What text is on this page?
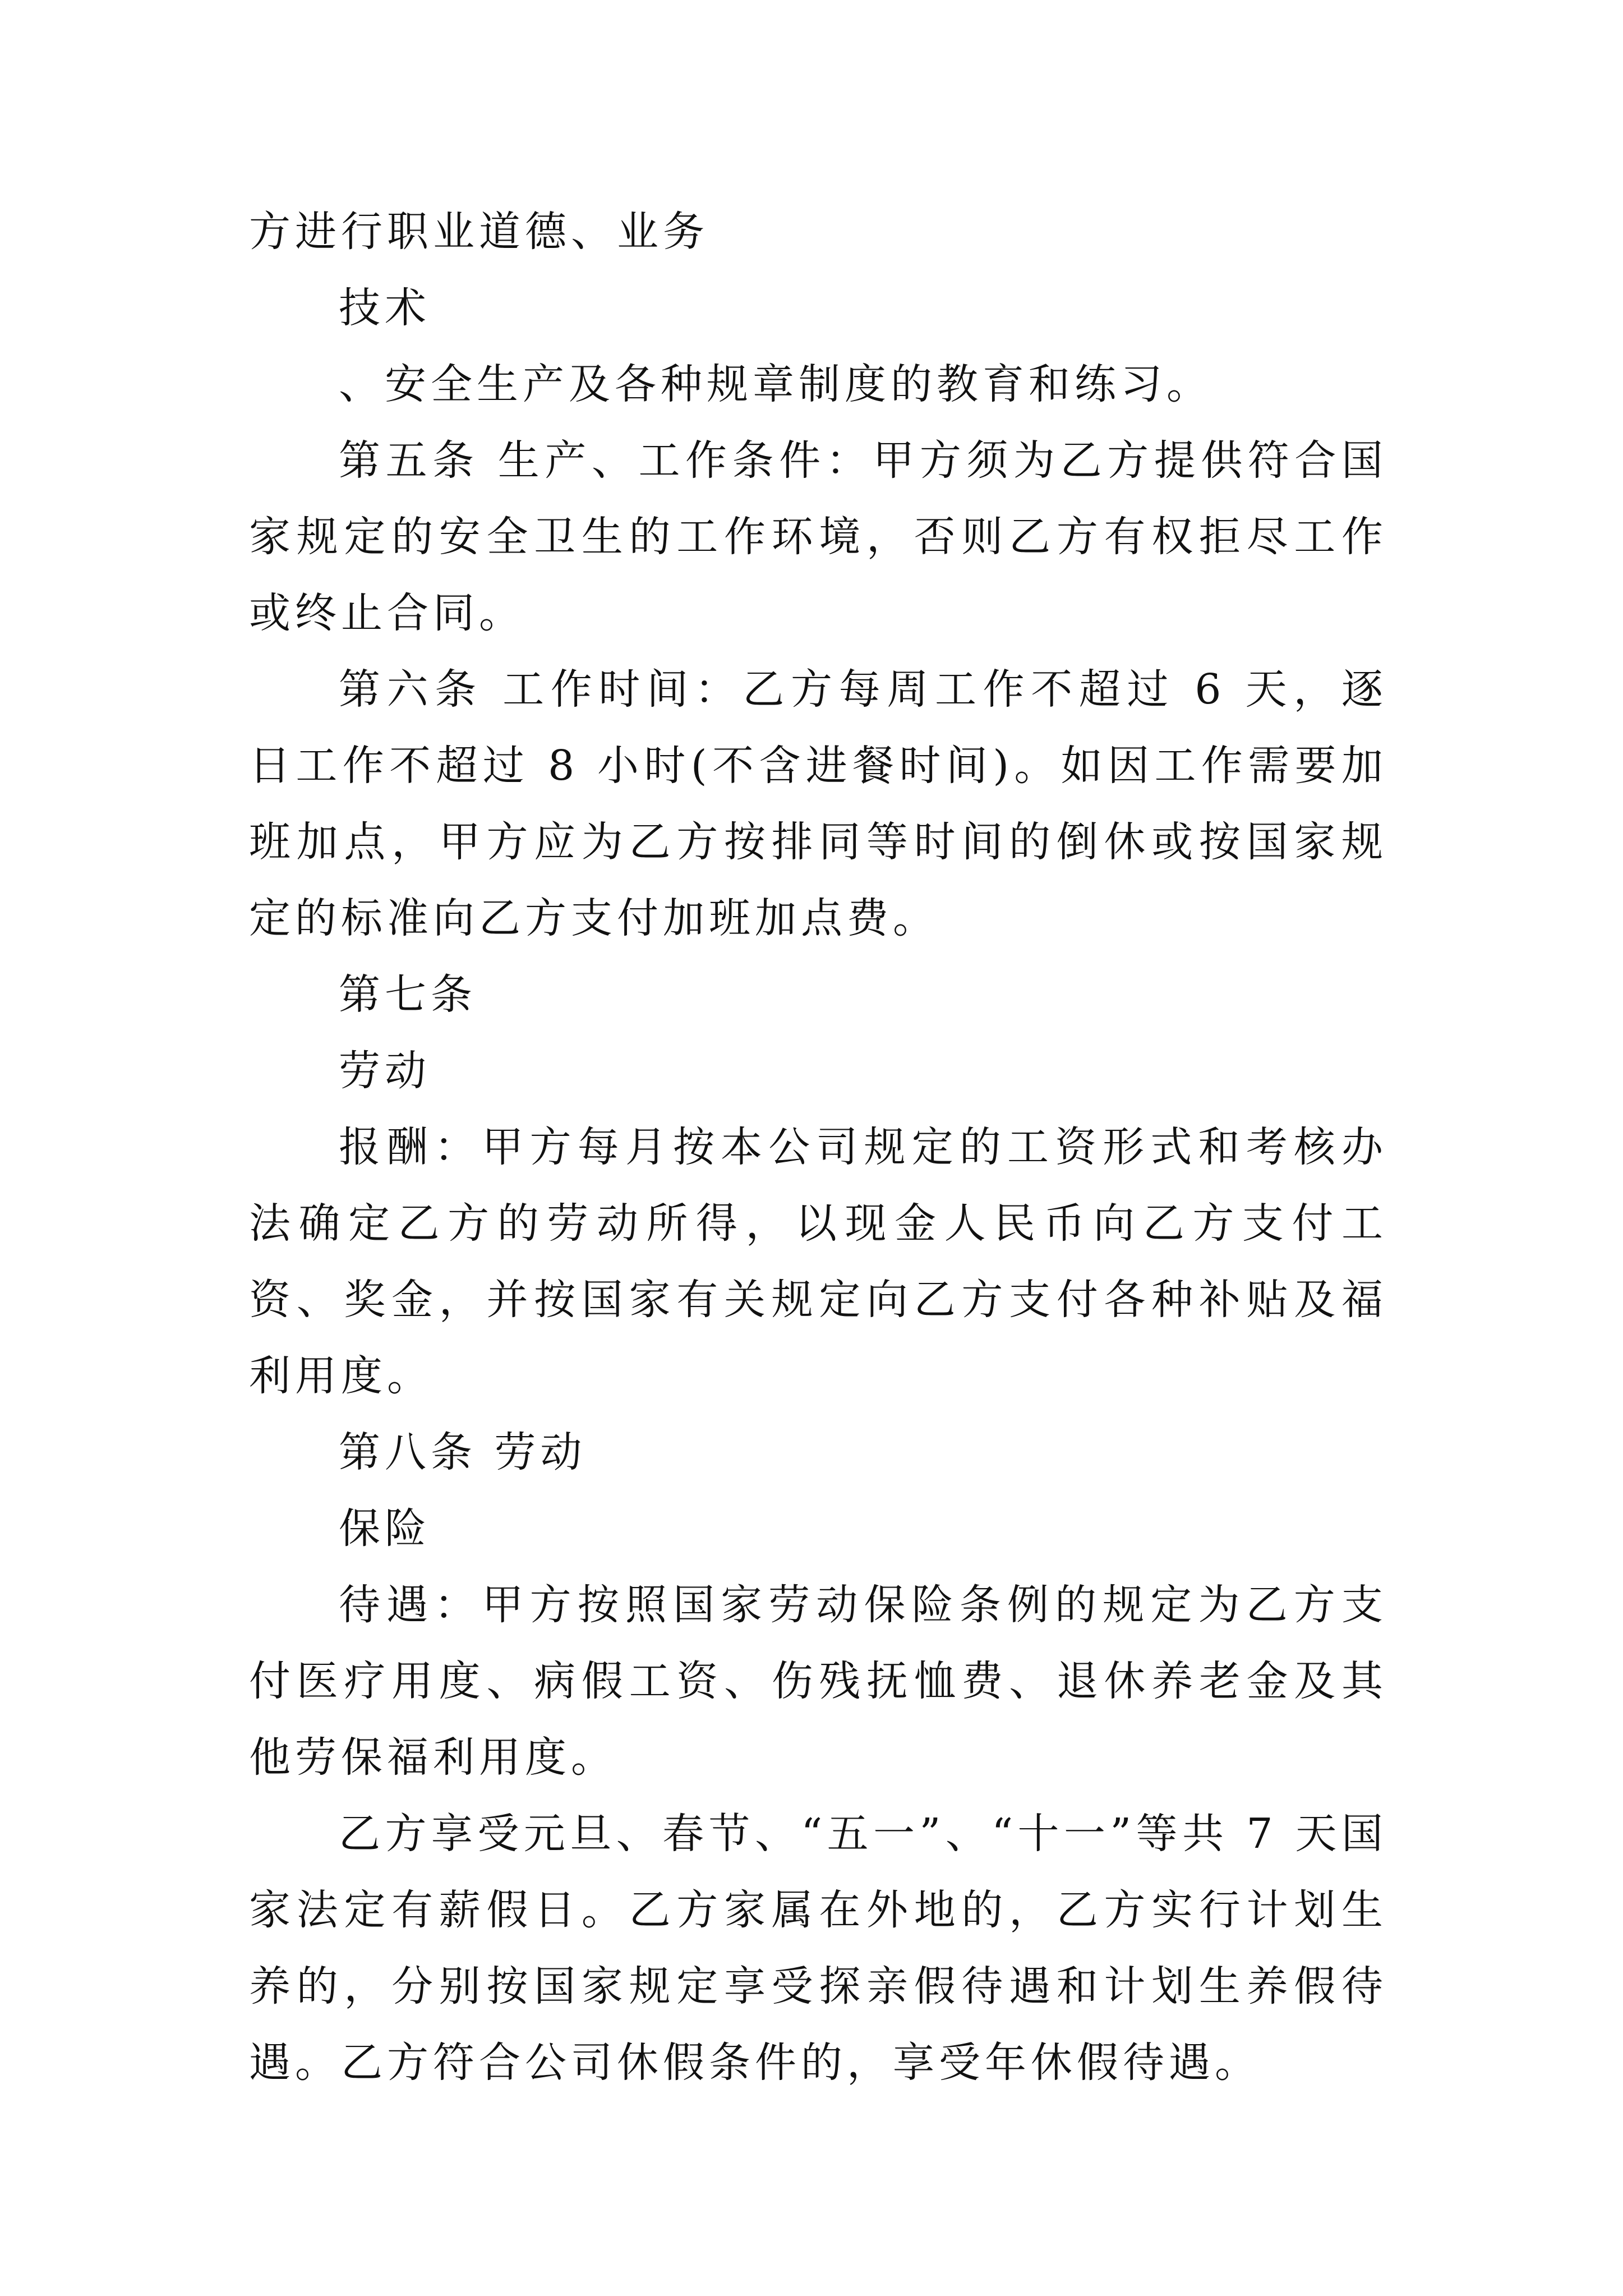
方进行职业道德、业务

技术

、安全生产及各种规章制度的教育和练习。

第五条 生产、工作条件：甲方须为乙方提供符合国家规定的安全卫生的工作环境，否则乙方有权拒尽工作或终止合同。

第六条 工作时间：乙方每周工作不超过 6 天，逐日工作不超过 8 小时(不含进餐时间)。如因工作需要加班加点，甲方应为乙方按排同等时间的倒休或按国家规定的标准向乙方支付加班加点费。

第七条

劳动

报酬：甲方每月按本公司规定的工资形式和考核办法确定乙方的劳动所得，以现金人民币向乙方支付工资、奖金，并按国家有关规定向乙方支付各种补贴及福利用度。

第八条 劳动

保险

待遇：甲方按照国家劳动保险条例的规定为乙方支付医疗用度、病假工资、伤残抚恤费、退休养老金及其他劳保福利用度。

乙方享受元旦、春节、“五一”、“十一”等共 7 天国家法定有薪假日。乙方家属在外地的，乙方实行计划生养的，分别按国家规定享受探亲假待遇和计划生养假待遇。乙方符合公司休假条件的，享受年休假待遇。
